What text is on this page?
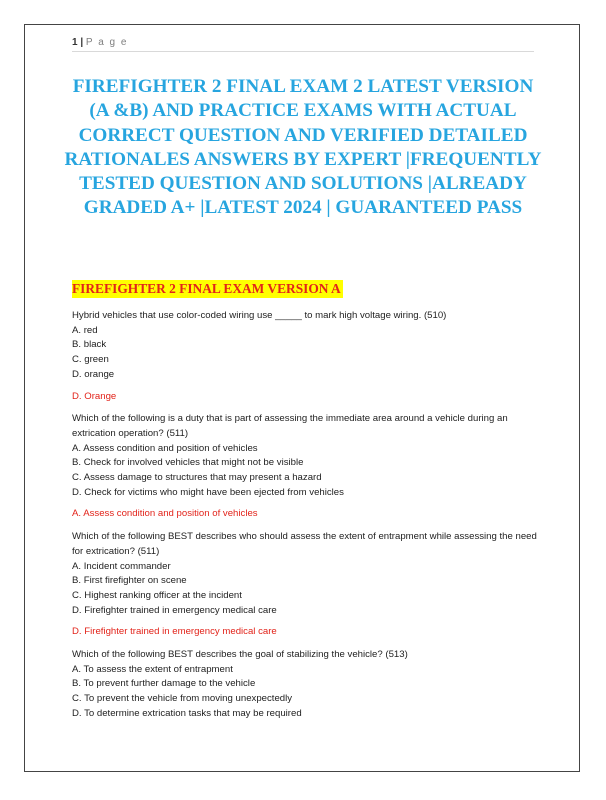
1 | P a g e
FIREFIGHTER 2 FINAL EXAM 2 LATEST VERSION (A &B) AND PRACTICE EXAMS WITH ACTUAL CORRECT QUESTION AND VERIFIED DETAILED RATIONALES ANSWERS BY EXPERT |FREQUENTLY TESTED QUESTION AND SOLUTIONS |ALREADY GRADED A+ |LATEST 2024 | GUARANTEED PASS
FIREFIGHTER 2 FINAL EXAM VERSION A

Hybrid vehicles that use color-coded wiring use _____ to mark high voltage wiring. (510)

A. red

B. black

C. green

D. orange

D. Orange

Which of the following is a duty that is part of assessing the immediate area around a vehicle during an extrication operation? (511)

A. Assess condition and position of vehicles

B. Check for involved vehicles that might not be visible

C. Assess damage to structures that may present a hazard

D. Check for victims who might have been ejected from vehicles

A. Assess condition and position of vehicles

Which of the following BEST describes who should assess the extent of entrapment while assessing the need for extrication? (511)

A. Incident commander

B. First firefighter on scene

C. Highest ranking officer at the incident

D. Firefighter trained in emergency medical care

D. Firefighter trained in emergency medical care

Which of the following BEST describes the goal of stabilizing the vehicle? (513)

A. To assess the extent of entrapment

B. To prevent further damage to the vehicle

C. To prevent the vehicle from moving unexpectedly

D. To determine extrication tasks that may be required
